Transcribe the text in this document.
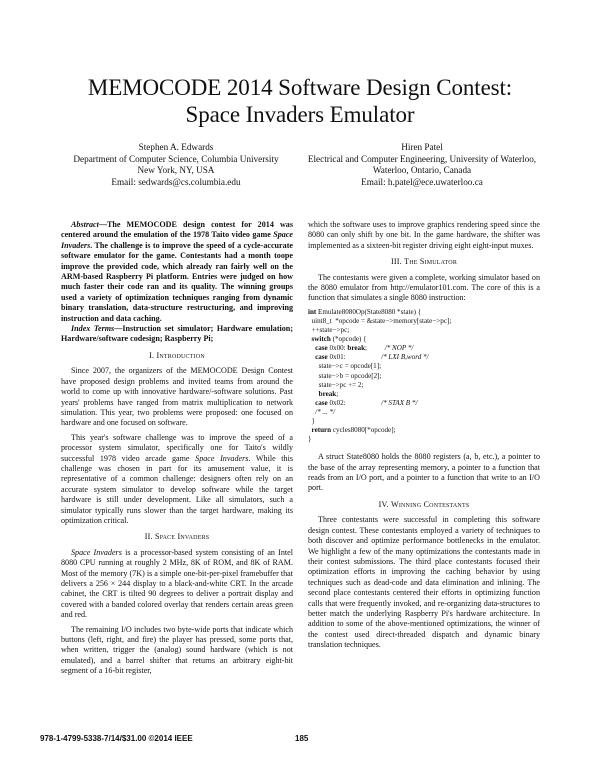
MEMOCODE 2014 Software Design Contest:
Space Invaders Emulator
Stephen A. Edwards
Department of Computer Science, Columbia University
New York, NY, USA
Email: sedwards@cs.columbia.edu
Hiren Patel
Electrical and Computer Engineering, University of Waterloo,
Waterloo, Ontario, Canada
Email: h.patel@ece.uwaterloo.ca

Abstract—The MEMOCODE design contest for 2014 was centered around the emulation of the 1978 Taito video game Space Invaders. The challenge is to improve the speed of a cycle-accurate software emulator for the game. Contestants had a month toope improve the provided code, which already ran fairly well on the ARM-based Raspberry Pi platform. Entries were judged on how much faster their code ran and its quality. The winning groups used a variety of optimization techniques ranging from dynamic binary translation, data-structure restructuring, and improving instruction and data caching.

Index Terms—Instruction set simulator; Hardware emulation; Hardware/software codesign; Raspberry Pi;

I. Introduction

Since 2007, the organizers of the MEMOCODE Design Contest have proposed design problems and invited teams from around the world to come up with innovative hardware/-software solutions. Past years' problems have ranged from matrix multiplication to network simulation. This year, two problems were proposed: one focused on hardware and one focused on software.

This year's software challenge was to improve the speed of a processor system simulator, specifically one for Taito's wildly successful 1978 video arcade game Space Invaders. While this challenge was chosen in part for its amusement value, it is representative of a common challenge: designers often rely on an accurate system simulator to develop software while the target hardware is still under development. Like all simulators, such a simulator typically runs slower than the target hardware, making its optimization critical.

II. Space Invaders

Space Invaders is a processor-based system consisting of an Intel 8080 CPU running at roughly 2 MHz, 8K of ROM, and 8K of RAM. Most of the memory (7K) is a simple one-bit-per-pixel framebuffer that delivers a 256 × 244 display to a black-and-white CRT. In the arcade cabinet, the CRT is tilted 90 degrees to deliver a portrait display and covered with a banded colored overlay that renders certain areas green and red.

The remaining I/O includes two byte-wide ports that indicate which buttons (left, right, and fire) the player has pressed, some ports that, when written, trigger the (analog) sound hardware (which is not emulated), and a barrel shifter that returns an arbitrary eight-bit segment of a 16-bit register,

which the software uses to improve graphics rendering speed since the 8080 can only shift by one bit. In the game hardware, the shifter was implemented as a sixteen-bit register driving eight eight-input muxes.

III. The Simulator

The contestants were given a complete, working simulator based on the 8080 emulator from http://emulator101.com. The core of this is a function that simulates a single 8080 instruction:

int Emulate8080Op(State8080 *state) {
uint8_t  *opcode = &state−>memory[state−>pc];
++state−>pc;
switch (*opcode) {
case 0x00: break;          /* NOP */
case 0x01:                    /* LXI B,word */
state−>c = opcode[1];
state−>b = opcode[2];
state−>pc += 2;
break;
case 0x02:                    /* STAX B */
/* ... */
}
return cycles8080[*opcode];
}

A struct State8080 holds the 8080 registers (a, b, etc.), a pointer to the base of the array representing memory, a pointer to a function that reads from an I/O port, and a pointer to a function that write to an I/O port.

IV. Winning Contestants

Three contestants were successful in completing this software design contest. These contestants employed a variety of techniques to both discover and optimize performance bottlenecks in the emulator. We highlight a few of the many optimizations the contestants made in their contest submissions. The third place contestants focused their optimization efforts in improving the caching behavior by using techniques such as dead-code and data elimination and inlining. The second place contestants centered their efforts in optimizing function calls that were frequently invoked, and re-organizing data-structures to better match the underlying Raspberry Pi's hardware architecture. In addition to some of the above-mentioned optimizations, the winner of the contest used direct-threaded dispatch and dynamic binary translation techniques.

978-1-4799-5338-7/14/$31.00 ©2014 IEEE	185
